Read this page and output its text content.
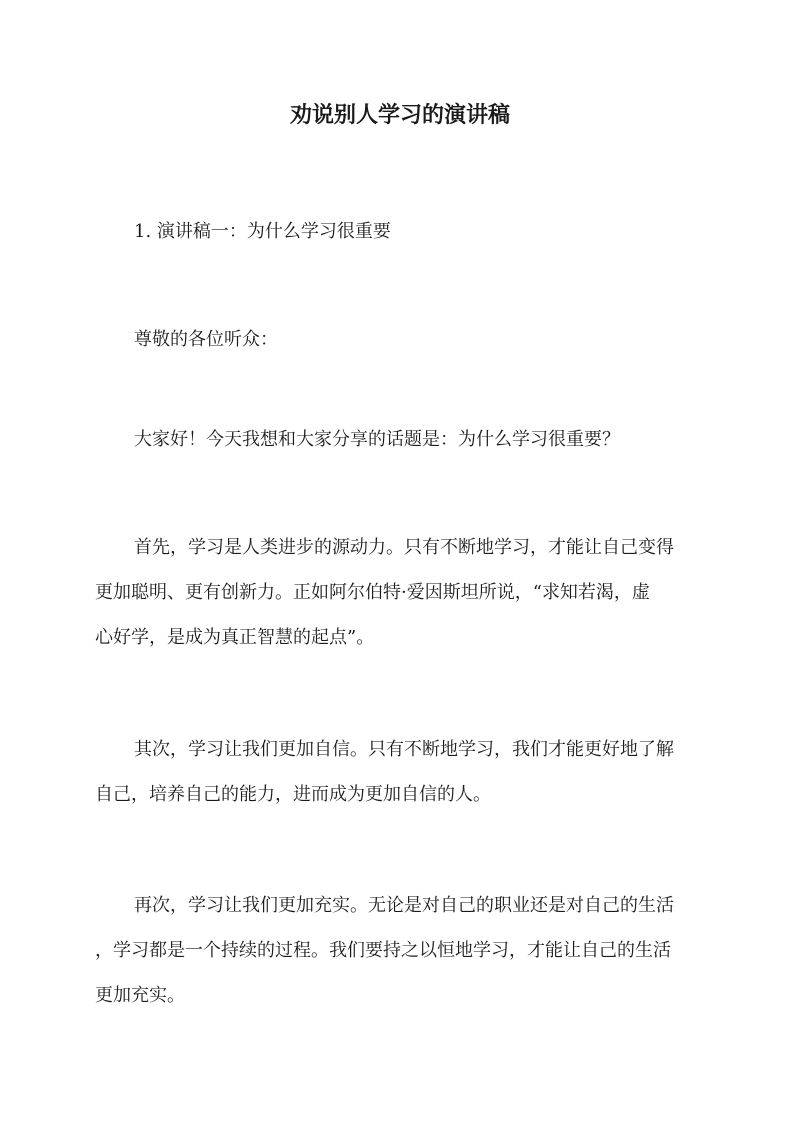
劝说别人学习的演讲稿

1. 演讲稿一：为什么学习很重要

尊敬的各位听众：

大家好！今天我想和大家分享的话题是：为什么学习很重要？

首先，学习是人类进步的源动力。只有不断地学习，才能让自己变得
更加聪明、更有创新力。正如阿尔伯特·爱因斯坦所说，“求知若渴，虚
心好学，是成为真正智慧的起点”。

其次，学习让我们更加自信。只有不断地学习，我们才能更好地了解
自己，培养自己的能力，进而成为更加自信的人。

再次，学习让我们更加充实。无论是对自己的职业还是对自己的生活
，学习都是一个持续的过程。我们要持之以恒地学习，才能让自己的生活
更加充实。
